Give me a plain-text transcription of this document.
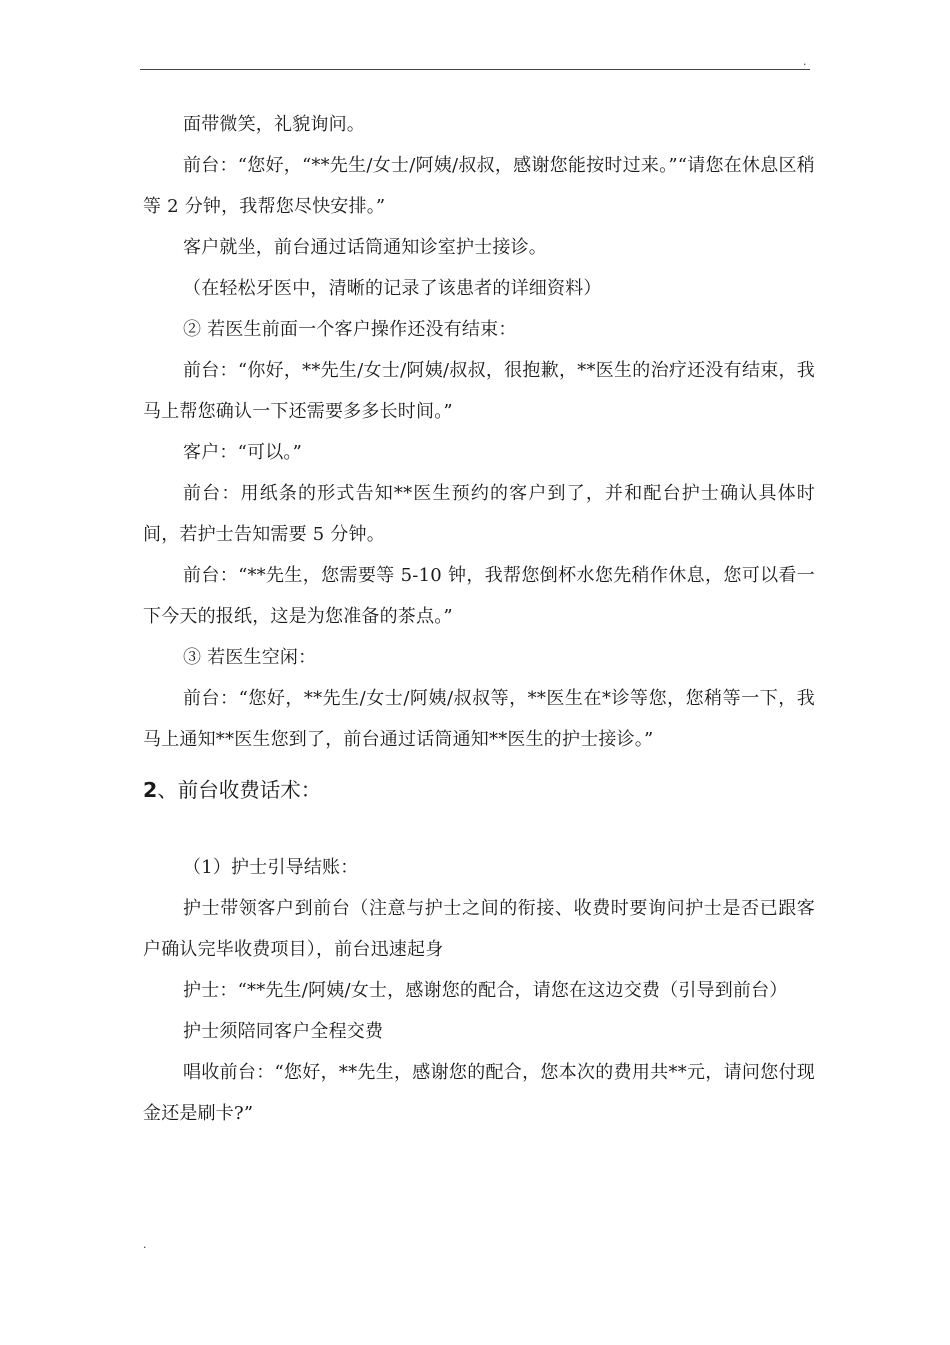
.

面带微笑，礼貌询问。

前台：“您好，“**先生/女士/阿姨/叔叔，感谢您能按时过来。”“请您在休息区稍等 2 分钟，我帮您尽快安排。”

客户就坐，前台通过话筒通知诊室护士接诊。

（在轻松牙医中，清晰的记录了该患者的详细资料）

② 若医生前面一个客户操作还没有结束：

前台：“你好，**先生/女士/阿姨/叔叔，很抱歉，**医生的治疗还没有结束，我马上帮您确认一下还需要多多长时间。”

客户：“可以。”

前台：用纸条的形式告知**医生预约的客户到了，并和配台护士确认具体时间，若护士告知需要 5 分钟。

前台：“**先生，您需要等 5-10 钟，我帮您倒杯水您先稍作休息，您可以看一下今天的报纸，这是为您准备的茶点。”

③ 若医生空闲：

前台：“您好，**先生/女士/阿姨/叔叔等，**医生在*诊等您，您稍等一下，我马上通知**医生您到了，前台通过话筒通知**医生的护士接诊。”

2、前台收费话术：

（1）护士引导结账：

护士带领客户到前台（注意与护士之间的衔接、收费时要询问护士是否已跟客户确认完毕收费项目），前台迅速起身

护士：“**先生/阿姨/女士，感谢您的配合，请您在这边交费（引导到前台）

护士须陪同客户全程交费

唱收前台：“您好，**先生，感谢您的配合，您本次的费用共**元，请问您付现金还是刷卡?”

.
